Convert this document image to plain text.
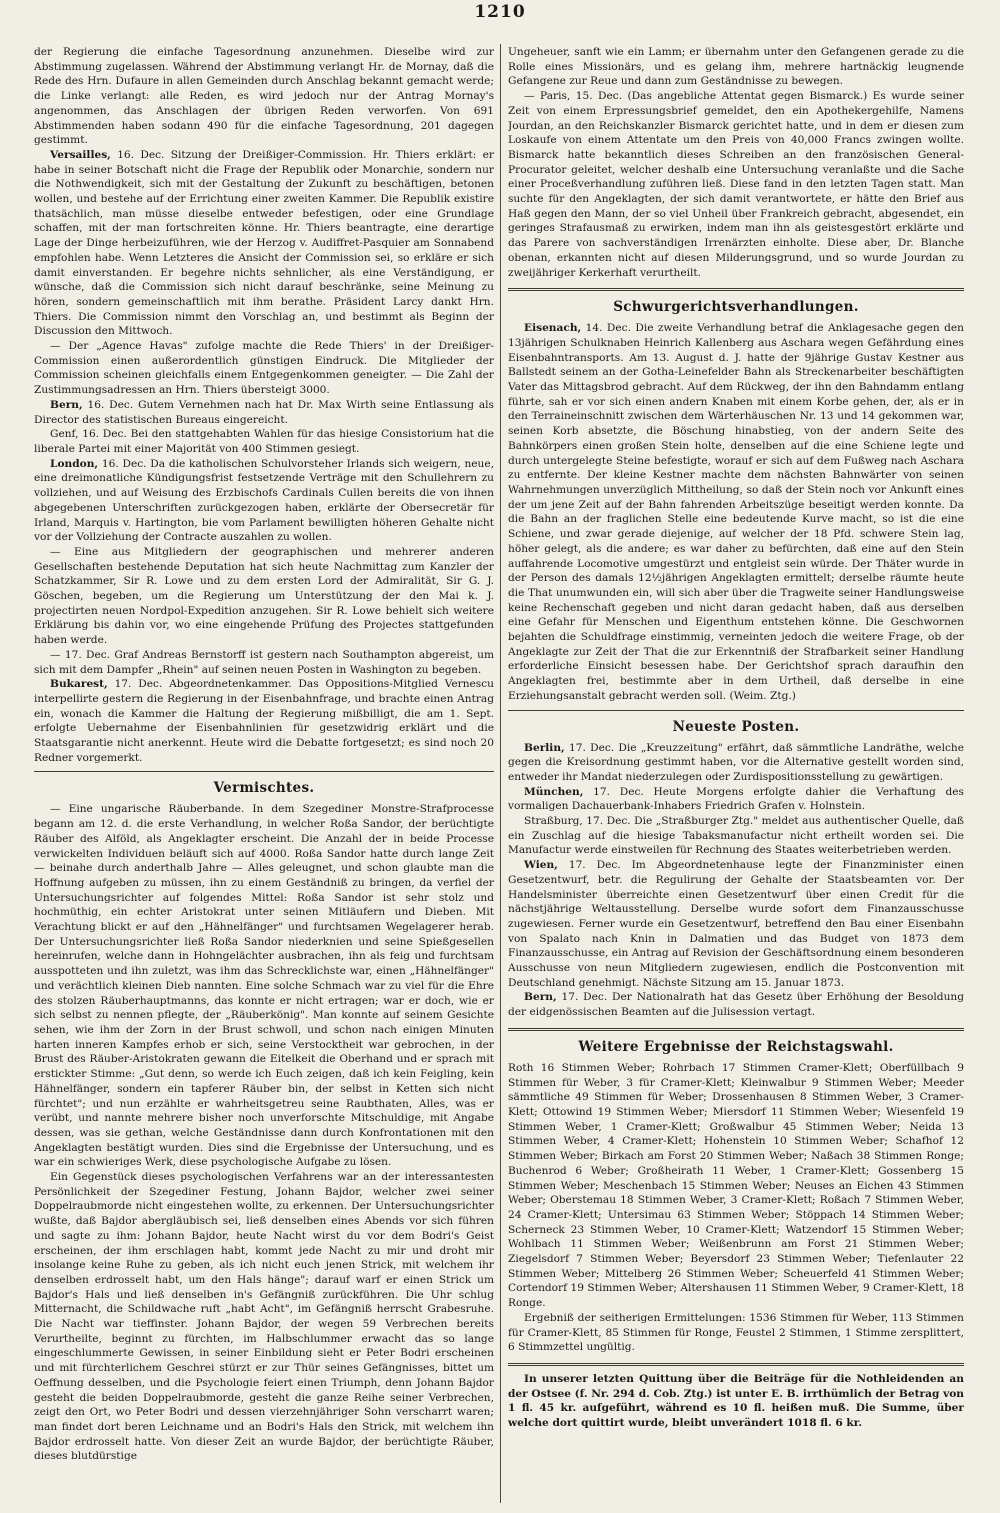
1210

der Regierung die einfache Tagesordnung anzunehmen. Dieselbe wird zur Abstimmung zugelassen. Während der Abstimmung verlangt Hr. de Mornay, daß die Rede des Hrn. Dufaure in allen Gemeinden durch Anschlag bekannt gemacht werde; die Linke verlangt: alle Reden, es wird jedoch nur der Antrag Mornay's angenommen, das Anschlagen der übrigen Reden verworfen. Von 691 Abstimmenden haben sodann 490 für die einfache Tagesordnung, 201 dagegen gestimmt.

Versailles, 16. Dec. Sitzung der Dreißiger-Commission. Hr. Thiers erklärt: er habe in seiner Botschaft nicht die Frage der Republik oder Monarchie, sondern nur die Nothwendigkeit, sich mit der Gestaltung der Zukunft zu beschäftigen, betonen wollen, und bestehe auf der Errichtung einer zweiten Kammer. Die Republik existire thatsächlich, man müsse dieselbe entweder befestigen, oder eine Grundlage schaffen, mit der man fortschreiten könne. Hr. Thiers beantragte, eine derartige Lage der Dinge herbeizuführen, wie der Herzog v. Audiffret-Pasquier am Sonnabend empfohlen habe. Wenn Letzteres die Ansicht der Commission sei, so erkläre er sich damit einverstanden. Er begehre nichts sehnlicher, als eine Verständigung, er wünsche, daß die Commission sich nicht darauf beschränke, seine Meinung zu hören, sondern gemeinschaftlich mit ihm berathe. Präsident Larcy dankt Hrn. Thiers. Die Commission nimmt den Vorschlag an, und bestimmt als Beginn der Discussion den Mittwoch.

— Der „Agence Havas" zufolge machte die Rede Thiers' in der Dreißiger-Commission einen außerordentlich günstigen Eindruck. Die Mitglieder der Commission scheinen gleichfalls einem Entgegenkommen geneigter. — Die Zahl der Zustimmungsadressen an Hrn. Thiers übersteigt 3000.

Bern, 16. Dec. Gutem Vernehmen nach hat Dr. Max Wirth seine Entlassung als Director des statistischen Bureaus eingereicht.

Genf, 16. Dec. Bei den stattgehabten Wahlen für das hiesige Consistorium hat die liberale Partei mit einer Majorität von 400 Stimmen gesiegt.

London, 16. Dec. Da die katholischen Schulvorsteher Irlands sich weigern, neue, eine dreimonatliche Kündigungsfrist festsetzende Verträge mit den Schullehrern zu vollziehen, und auf Weisung des Erzbischofs Cardinals Cullen bereits die von ihnen abgegebenen Unterschriften zurückgezogen haben, erklärte der Obersecretär für Irland, Marquis v. Hartington, bie vom Parlament bewilligten höheren Gehalte nicht vor der Vollziehung der Contracte auszahlen zu wollen.

— Eine aus Mitgliedern der geographischen und mehrerer anderen Gesellschaften bestehende Deputation hat sich heute Nachmittag zum Kanzler der Schatzkammer, Sir R. Lowe und zu dem ersten Lord der Admiralität, Sir G. J. Göschen, begeben, um die Regierung um Unterstützung der den Mai k. J. projectirten neuen Nordpol-Expedition anzugehen. Sir R. Lowe behielt sich weitere Erklärung bis dahin vor, wo eine eingehende Prüfung des Projectes stattgefunden haben werde.

— 17. Dec. Graf Andreas Bernstorff ist gestern nach Southampton abgereist, um sich mit dem Dampfer „Rhein" auf seinen neuen Posten in Washington zu begeben.

Bukarest, 17. Dec. Abgeordnetenkammer. Das Oppositions-Mitglied Vernescu interpellirte gestern die Regierung in der Eisenbahnfrage, und brachte einen Antrag ein, wonach die Kammer die Haltung der Regierung mißbilligt, die am 1. Sept. erfolgte Uebernahme der Eisenbahnlinien für gesetzwidrig erklärt und die Staatsgarantie nicht anerkennt. Heute wird die Debatte fortgesetzt; es sind noch 20 Redner vorgemerkt.

Vermischtes.

— Eine ungarische Räuberbande. In dem Szegediner Monstre-Strafprocesse begann am 12. d. die erste Verhandlung, in welcher Roßa Sandor, der berüchtigte Räuber des Alföld, als Angeklagter erscheint. Die Anzahl der in beide Processe verwickelten Individuen beläuft sich auf 4000. Roßa Sandor hatte durch lange Zeit — beinahe durch anderthalb Jahre — Alles geleugnet, und schon glaubte man die Hoffnung aufgeben zu müssen, ihn zu einem Geständniß zu bringen, da verfiel der Untersuchungsrichter auf folgendes Mittel: Roßa Sandor ist sehr stolz und hochmüthig, ein echter Aristokrat unter seinen Mitläufern und Dieben. Mit Verachtung blickt er auf den „Hähnelfänger" und furchtsamen Wegelagerer herab. Der Untersuchungsrichter ließ Roßa Sandor niederknien und seine Spießgesellen hereinrufen, welche dann in Hohngelächter ausbrachen, ihn als feig und furchtsam ausspotteten und ihn zuletzt, was ihm das Schrecklichste war, einen „Hähnelfänger" und verächtlich kleinen Dieb nannten. Eine solche Schmach war zu viel für die Ehre des stolzen Räuberhauptmanns, das konnte er nicht ertragen; war er doch, wie er sich selbst zu nennen pflegte, der „Räuberkönig". Man konnte auf seinem Gesichte sehen, wie ihm der Zorn in der Brust schwoll, und schon nach einigen Minuten harten inneren Kampfes erhob er sich, seine Verstocktheit war gebrochen, in der Brust des Räuber-Aristokraten gewann die Eitelkeit die Oberhand und er sprach mit erstickter Stimme: „Gut denn, so werde ich Euch zeigen, daß ich kein Feigling, kein Hähnelfänger, sondern ein tapferer Räuber bin, der selbst in Ketten sich nicht fürchtet"; und nun erzählte er wahrheitsgetreu seine Raubthaten, Alles, was er verübt, und nannte mehrere bisher noch unverforschte Mitschuldige, mit Angabe dessen, was sie gethan, welche Geständnisse dann durch Konfrontationen mit den Angeklagten bestätigt wurden. Dies sind die Ergebnisse der Untersuchung, und es war ein schwieriges Werk, diese psychologische Aufgabe zu lösen.

Ein Gegenstück dieses psychologischen Verfahrens war an der interessantesten Persönlichkeit der Szegediner Festung, Johann Bajdor, welcher zwei seiner Doppelraubmorde nicht eingestehen wollte, zu erkennen. Der Untersuchungsrichter wußte, daß Bajdor abergläubisch sei, ließ denselben eines Abends vor sich führen und sagte zu ihm: Johann Bajdor, heute Nacht wirst du vor dem Bodri's Geist erscheinen, der ihm erschlagen habt, kommt jede Nacht zu mir und droht mir insolange keine Ruhe zu geben, als ich nicht euch jenen Strick, mit welchem ihr denselben erdrosselt habt, um den Hals hänge"; darauf warf er einen Strick um Bajdor's Hals und ließ denselben in's Gefängniß zurückführen. Die Uhr schlug Mitternacht, die Schildwache ruft „habt Acht", im Gefängniß herrscht Grabesruhe. Die Nacht war tieffinster. Johann Bajdor, der wegen 59 Verbrechen bereits Verurtheilte, beginnt zu fürchten, im Halbschlummer erwacht das so lange eingeschlummerte Gewissen, in seiner Einbildung sieht er Peter Bodri erscheinen und mit fürchterlichem Geschrei stürzt er zur Thür seines Gefängnisses, bittet um Oeffnung desselben, und die Psychologie feiert einen Triumph, denn Johann Bajdor gesteht die beiden Doppelraubmorde, gesteht die ganze Reihe seiner Verbrechen, zeigt den Ort, wo Peter Bodri und dessen vierzehnjähriger Sohn verscharrt waren; man findet dort beren Leichname und an Bodri's Hals den Strick, mit welchem ihn Bajdor erdrosselt hatte. Von dieser Zeit an wurde Bajdor, der berüchtigte Räuber, dieses blutdürstige

Ungeheuer, sanft wie ein Lamm; er übernahm unter den Gefangenen gerade zu die Rolle eines Missionärs, und es gelang ihm, mehrere hartnäckig leugnende Gefangene zur Reue und dann zum Geständnisse zu bewegen.

— Paris, 15. Dec. (Das angebliche Attentat gegen Bismarck.) Es wurde seiner Zeit von einem Erpressungsbrief gemeldet, den ein Apothekergehilfe, Namens Jourdan, an den Reichskanzler Bismarck gerichtet hatte, und in dem er diesen zum Loskaufe von einem Attentate um den Preis von 40,000 Francs zwingen wollte. Bismarck hatte bekanntlich dieses Schreiben an den französischen General-Procurator geleitet, welcher deshalb eine Untersuchung veranlaßte und die Sache einer Proceßverhandlung zuführen ließ. Diese fand in den letzten Tagen statt. Man suchte für den Angeklagten, der sich damit verantwortete, er hätte den Brief aus Haß gegen den Mann, der so viel Unheil über Frankreich gebracht, abgesendet, ein geringes Strafausmaß zu erwirken, indem man ihn als geistesgestört erklärte und das Parere von sachverständigen Irrenärzten einholte. Diese aber, Dr. Blanche obenan, erkannten nicht auf diesen Milderungsgrund, und so wurde Jourdan zu zweijähriger Kerkerhaft verurtheilt.

Schwurgerichtsverhandlungen.

Eisenach, 14. Dec. Die zweite Verhandlung betraf die Anklagesache gegen den 13jährigen Schulknaben Heinrich Kallenberg aus Aschara wegen Gefährdung eines Eisenbahntransports. Am 13. August d. J. hatte der 9jährige Gustav Kestner aus Ballstedt seinem an der Gotha-Leinefelder Bahn als Streckenarbeiter beschäftigten Vater das Mittagsbrod gebracht. Auf dem Rückweg, der ihn den Bahndamm entlang führte, sah er vor sich einen andern Knaben mit einem Korbe gehen, der, als er in den Terraineinschnitt zwischen dem Wärterhäuschen Nr. 13 und 14 gekommen war, seinen Korb absetzte, die Böschung hinabstieg, von der andern Seite des Bahnkörpers einen großen Stein holte, denselben auf die eine Schiene legte und durch untergelegte Steine befestigte, worauf er sich auf dem Fußweg nach Aschara zu entfernte. Der kleine Kestner machte dem nächsten Bahnwärter von seinen Wahrnehmungen unverzüglich Mittheilung, so daß der Stein noch vor Ankunft eines der um jene Zeit auf der Bahn fahrenden Arbeitszüge beseitigt werden konnte. Da die Bahn an der fraglichen Stelle eine bedeutende Kurve macht, so ist die eine Schiene, und zwar gerade diejenige, auf welcher der 18 Pfd. schwere Stein lag, höher gelegt, als die andere; es war daher zu befürchten, daß eine auf den Stein auffahrende Locomotive umgestürzt und entgleist sein würde. Der Thäter wurde in der Person des damals 12½jährigen Angeklagten ermittelt; derselbe räumte heute die That unumwunden ein, will sich aber über die Tragweite seiner Handlungsweise keine Rechenschaft gegeben und nicht daran gedacht haben, daß aus derselben eine Gefahr für Menschen und Eigenthum entstehen könne. Die Geschwornen bejahten die Schuldfrage einstimmig, verneinten jedoch die weitere Frage, ob der Angeklagte zur Zeit der That die zur Erkenntniß der Strafbarkeit seiner Handlung erforderliche Einsicht besessen habe. Der Gerichtshof sprach daraufhin den Angeklagten frei, bestimmte aber in dem Urtheil, daß derselbe in eine Erziehungsanstalt gebracht werden soll. (Weim. Ztg.)

Neueste Posten.

Berlin, 17. Dec. Die „Kreuzzeitung" erfährt, daß sämmtliche Landräthe, welche gegen die Kreisordnung gestimmt haben, vor die Alternative gestellt worden sind, entweder ihr Mandat niederzulegen oder Zurdispositionsstellung zu gewärtigen.

München, 17. Dec. Heute Morgens erfolgte dahier die Verhaftung des vormaligen Dachauerbank-Inhabers Friedrich Grafen v. Holnstein.

Straßburg, 17. Dec. Die „Straßburger Ztg." meldet aus authentischer Quelle, daß ein Zuschlag auf die hiesige Tabaksmanufactur nicht ertheilt worden sei. Die Manufactur werde einstweilen für Rechnung des Staates weiterbetrieben werden.

Wien, 17. Dec. Im Abgeordnetenhause legte der Finanzminister einen Gesetzentwurf, betr. die Regulirung der Gehalte der Staatsbeamten vor. Der Handelsminister überreichte einen Gesetzentwurf über einen Credit für die nächstjährige Weltausstellung. Derselbe wurde sofort dem Finanzausschusse zugewiesen. Ferner wurde ein Gesetzentwurf, betreffend den Bau einer Eisenbahn von Spalato nach Knin in Dalmatien und das Budget von 1873 dem Finanzausschusse, ein Antrag auf Revision der Geschäftsordnung einem besonderen Ausschusse von neun Mitgliedern zugewiesen, endlich die Postconvention mit Deutschland genehmigt. Nächste Sitzung am 15. Januar 1873.

Bern, 17. Dec. Der Nationalrath hat das Gesetz über Erhöhung der Besoldung der eidgenössischen Beamten auf die Julisession vertagt.

Weitere Ergebnisse der Reichstagswahl.

Roth 16 Stimmen Weber; Rohrbach 17 Stimmen Cramer-Klett; Oberfüllbach 9 Stimmen für Weber, 3 für Cramer-Klett; Kleinwalbur 9 Stimmen Weber; Meeder sämmtliche 49 Stimmen für Weber; Drossenhausen 8 Stimmen Weber, 3 Cramer-Klett; Ottowind 19 Stimmen Weber; Miersdorf 11 Stimmen Weber; Wiesenfeld 19 Stimmen Weber, 1 Cramer-Klett; Großwalbur 45 Stimmen Weber; Neida 13 Stimmen Weber, 4 Cramer-Klett; Hohenstein 10 Stimmen Weber; Schafhof 12 Stimmen Weber; Birkach am Forst 20 Stimmen Weber; Naßach 38 Stimmen Ronge; Buchenrod 6 Weber; Großheirath 11 Weber, 1 Cramer-Klett; Gossenberg 15 Stimmen Weber; Meschenbach 15 Stimmen Weber; Neuses an Eichen 43 Stimmen Weber; Oberstemau 18 Stimmen Weber, 3 Cramer-Klett; Roßach 7 Stimmen Weber, 24 Cramer-Klett; Untersimau 63 Stimmen Weber; Stöppach 14 Stimmen Weber; Scherneck 23 Stimmen Weber, 10 Cramer-Klett; Watzendorf 15 Stimmen Weber; Wohlbach 11 Stimmen Weber; Weißenbrunn am Forst 21 Stimmen Weber; Ziegelsdorf 7 Stimmen Weber; Beyersdorf 23 Stimmen Weber; Tiefenlauter 22 Stimmen Weber; Mittelberg 26 Stimmen Weber; Scheuerfeld 41 Stimmen Weber; Cortendorf 19 Stimmen Weber; Altershausen 11 Stimmen Weber, 9 Cramer-Klett, 18 Ronge.

Ergebniß der seitherigen Ermittelungen: 1536 Stimmen für Weber, 113 Stimmen für Cramer-Klett, 85 Stimmen für Ronge, Feustel 2 Stimmen, 1 Stimme zersplittert, 6 Stimmzettel ungültig.

In unserer letzten Quittung über die Beiträge für die Nothleidenden an der Ostsee (f. Nr. 294 d. Cob. Ztg.) ist unter E. B. irrthümlich der Betrag von 1 fl. 45 kr. aufgeführt, während es 10 fl. heißen muß. Die Summe, über welche dort quittirt wurde, bleibt unverändert 1018 fl. 6 kr.
